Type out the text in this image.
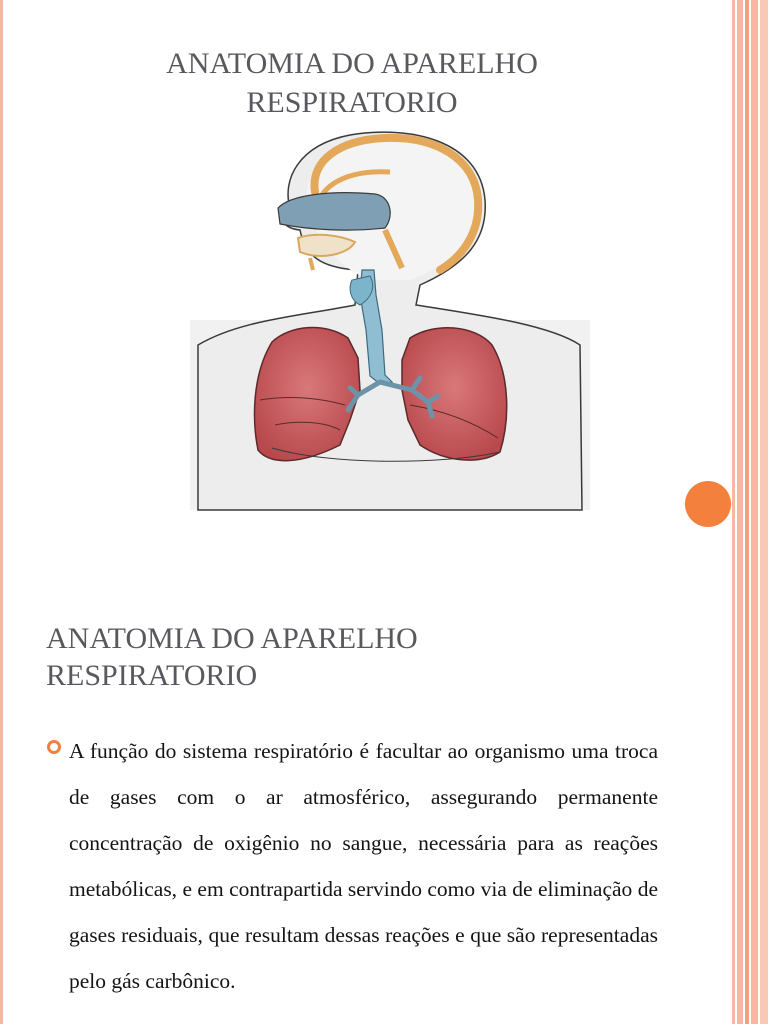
ANATOMIA DO APARELHO
RESPIRATORIO
ANATOMIA DO APARELHO
RESPIRATORIO
A função do sistema respiratório é facultar ao organismo uma troca de gases com o ar atmosférico, assegurando permanente concentração de oxigênio no sangue, necessária para as reações metabólicas, e em contrapartida servindo como via de eliminação de gases residuais, que resultam dessas reações e que são representadas pelo gás carbônico.
